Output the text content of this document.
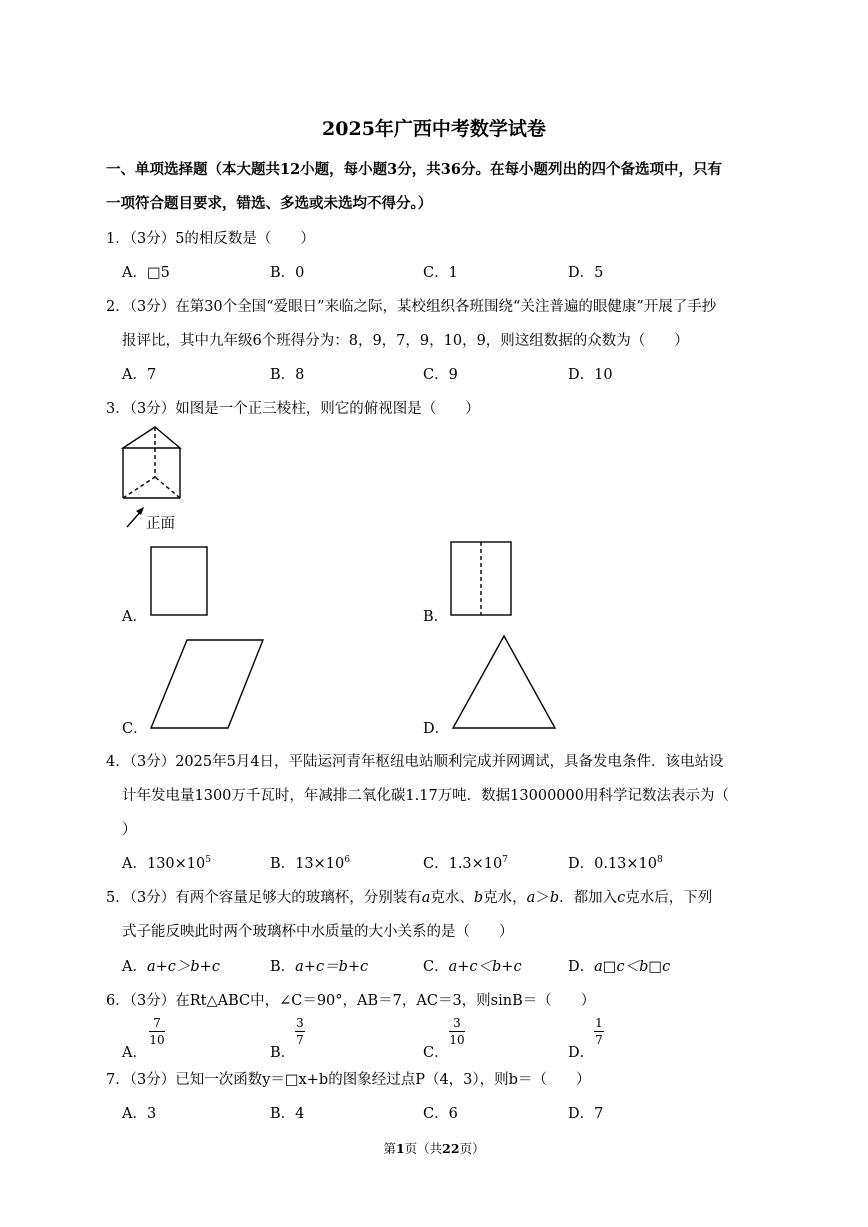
2025年广西中考数学试卷
一、单项选择题（本大题共12小题，每小题3分，共36分。在每小题列出的四个备选项中，只有
一项符合题目要求，错选、多选或未选均不得分。）
1．（3分）5的相反数是（　　）
A．□5	B．0	C．1	D．5
2．（3分）在第30个全国“爱眼日”来临之际，某校组织各班围绕“关注普遍的眼健康”开展了手抄
报评比，其中九年级6个班得分为：8，9，7，9，10，9，则这组数据的众数为（　　）
A．7	B．8	C．9	D．10
3．（3分）如图是一个正三棱柱，则它的俯视图是（　　）
正面
A．	B．
C．	D．
4．（3分）2025年5月4日，平陆运河青年枢纽电站顺利完成并网调试，具备发电条件．该电站设
计年发电量1300万千瓦时，年减排二氧化碳1.17万吨．数据13000000用科学记数法表示为（
）
A．$130\times 10^5$	B．$13\times 10^6$	C．$1.3\times 10^7$	D．$0.13\times 10^8$
5．（3分）有两个容量足够大的玻璃杯，分别装有a克水、b克水，a＞b．都加入c克水后，下列
式子能反映此时两个玻璃杯中水质量的大小关系的是（　　）
A．a+c＞b+c	B．a+c＝b+c	C．a+c＜b+c	D．a□c＜b□c
6．（3分）在Rt△ABC中，∠C＝90°，AB＝7，AC＝3，则sinB＝（　　）
A．
7
10
B．
3
7
C．
3
10
D．
1
7
7．（3分）已知一次函数y＝□x+b的图象经过点P（4，3），则b＝（　　）
A．3	B．4	C．6	D．7
第1页（共22页）
